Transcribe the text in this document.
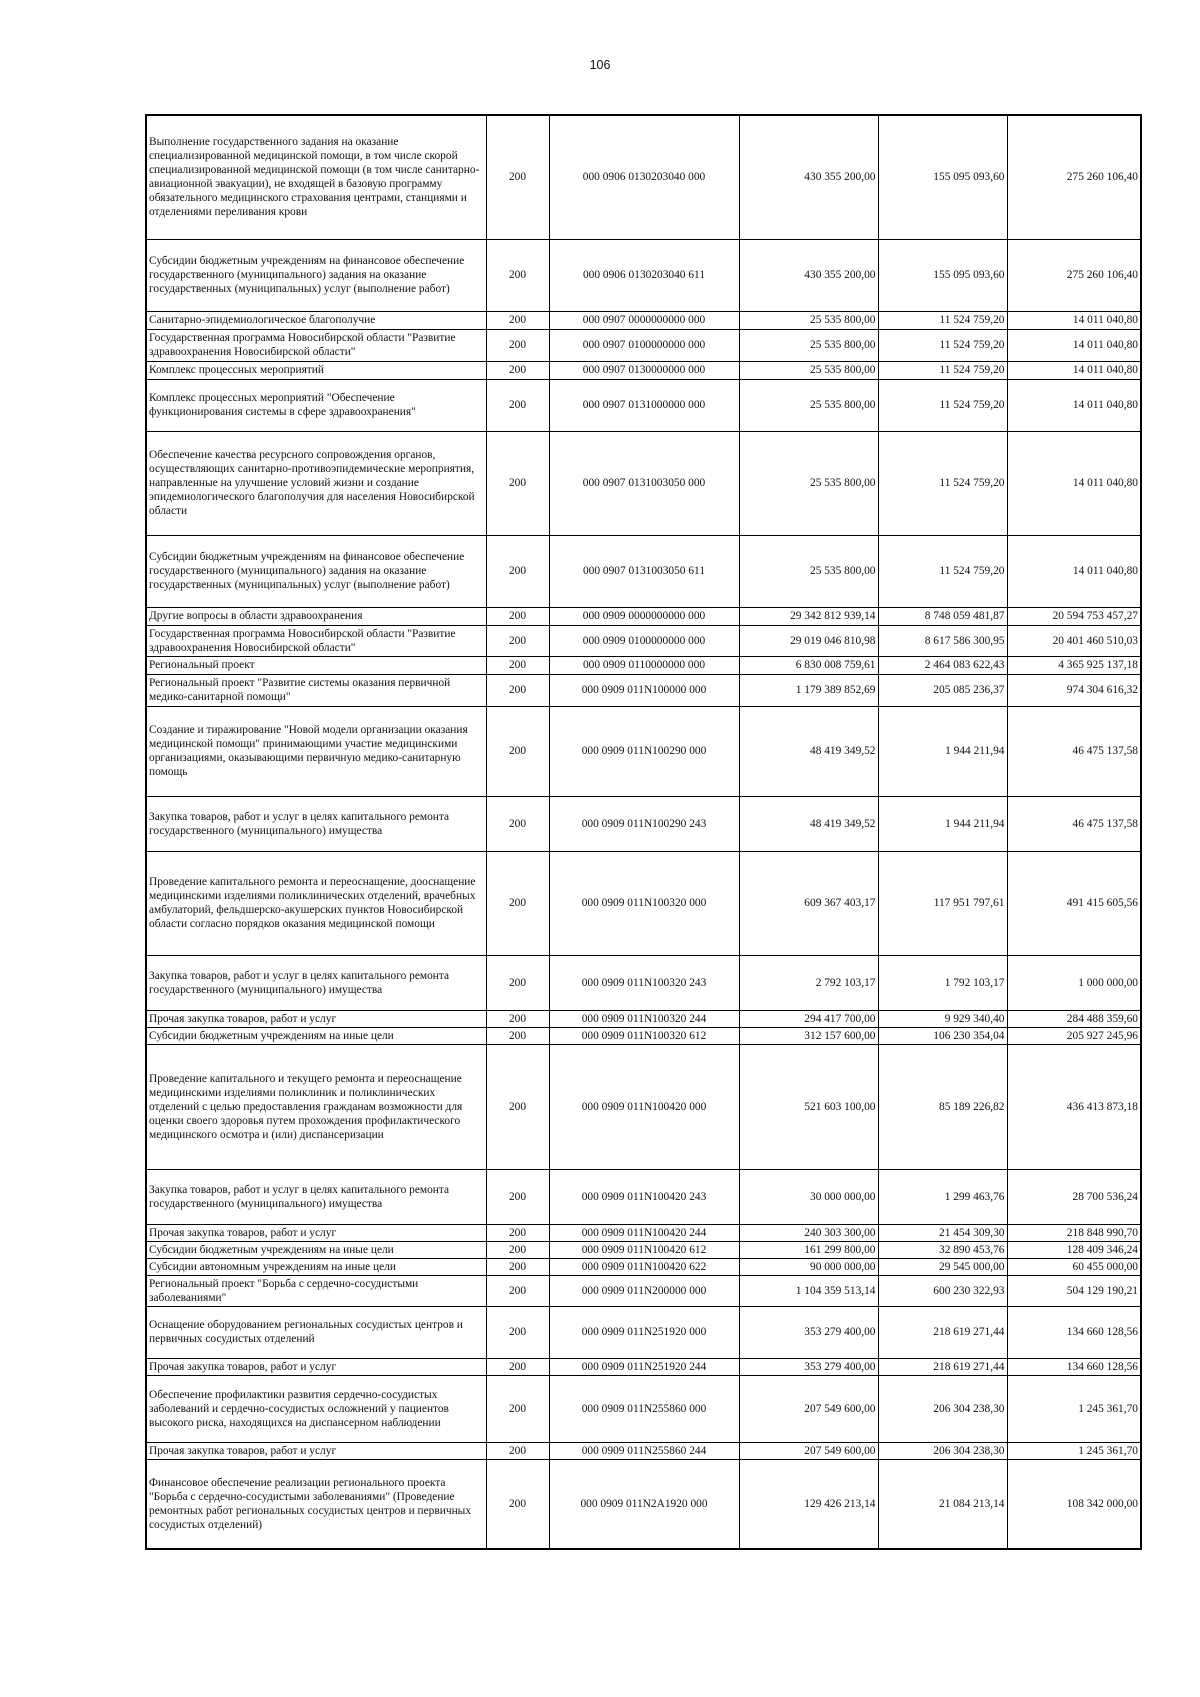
106
Выполнение государственного задания на оказание специализированной медицинской помощи, в том числе скорой специализированной медицинской помощи (в том числе санитарно-авиационной эвакуации), не входящей в базовую программу обязательного медицинского страхования центрами, станциями и отделениями переливания крови	200	000 0906 0130203040 000	430 355 200,00	155 095 093,60	275 260 106,40
Субсидии бюджетным учреждениям на финансовое обеспечение государственного (муниципального) задания на оказание государственных (муниципальных) услуг (выполнение работ)	200	000 0906 0130203040 611	430 355 200,00	155 095 093,60	275 260 106,40
Санитарно-эпидемиологическое благополучие	200	000 0907 0000000000 000	25 535 800,00	11 524 759,20	14 011 040,80
Государственная программа Новосибирской области "Развитие здравоохранения Новосибирской области"	200	000 0907 0100000000 000	25 535 800,00	11 524 759,20	14 011 040,80
Комплекс процессных мероприятий	200	000 0907 0130000000 000	25 535 800,00	11 524 759,20	14 011 040,80
Комплекс процессных мероприятий "Обеспечение функционирования системы в сфере здравоохранения"	200	000 0907 0131000000 000	25 535 800,00	11 524 759,20	14 011 040,80
Обеспечение качества ресурсного сопровождения органов, осуществляющих санитарно-противоэпидемические мероприятия, направленные на улучшение условий жизни и создание эпидемиологического благополучия для населения Новосибирской области	200	000 0907 0131003050 000	25 535 800,00	11 524 759,20	14 011 040,80
Субсидии бюджетным учреждениям на финансовое обеспечение государственного (муниципального) задания на оказание государственных (муниципальных) услуг (выполнение работ)	200	000 0907 0131003050 611	25 535 800,00	11 524 759,20	14 011 040,80
Другие вопросы в области здравоохранения	200	000 0909 0000000000 000	29 342 812 939,14	8 748 059 481,87	20 594 753 457,27
Государственная программа Новосибирской области "Развитие здравоохранения Новосибирской области"	200	000 0909 0100000000 000	29 019 046 810,98	8 617 586 300,95	20 401 460 510,03
Региональный проект	200	000 0909 0110000000 000	6 830 008 759,61	2 464 083 622,43	4 365 925 137,18
Региональный проект "Развитие системы оказания первичной медико-санитарной помощи"	200	000 0909 011N100000 000	1 179 389 852,69	205 085 236,37	974 304 616,32
Создание и тиражирование "Новой модели организации оказания медицинской помощи" принимающими участие медицинскими организациями, оказывающими первичную медико-санитарную помощь	200	000 0909 011N100290 000	48 419 349,52	1 944 211,94	46 475 137,58
Закупка товаров, работ и услуг в целях капитального ремонта государственного (муниципального) имущества	200	000 0909 011N100290 243	48 419 349,52	1 944 211,94	46 475 137,58
Проведение капитального ремонта и переоснащение, дооснащение медицинскими изделиями поликлинических отделений, врачебных амбулаторий, фельдшерско-акушерских пунктов Новосибирской области согласно порядков оказания медицинской помощи	200	000 0909 011N100320 000	609 367 403,17	117 951 797,61	491 415 605,56
Закупка товаров, работ и услуг в целях капитального ремонта государственного (муниципального) имущества	200	000 0909 011N100320 243	2 792 103,17	1 792 103,17	1 000 000,00
Прочая закупка товаров, работ и услуг	200	000 0909 011N100320 244	294 417 700,00	9 929 340,40	284 488 359,60
Субсидии бюджетным учреждениям на иные цели	200	000 0909 011N100320 612	312 157 600,00	106 230 354,04	205 927 245,96
Проведение капитального и текущего ремонта и переоснащение медицинскими изделиями поликлиник и поликлинических отделений с целью предоставления гражданам возможности для оценки своего здоровья путем прохождения профилактического медицинского осмотра и (или) диспансеризации	200	000 0909 011N100420 000	521 603 100,00	85 189 226,82	436 413 873,18
Закупка товаров, работ и услуг в целях капитального ремонта государственного (муниципального) имущества	200	000 0909 011N100420 243	30 000 000,00	1 299 463,76	28 700 536,24
Прочая закупка товаров, работ и услуг	200	000 0909 011N100420 244	240 303 300,00	21 454 309,30	218 848 990,70
Субсидии бюджетным учреждениям на иные цели	200	000 0909 011N100420 612	161 299 800,00	32 890 453,76	128 409 346,24
Субсидии автономным учреждениям на иные цели	200	000 0909 011N100420 622	90 000 000,00	29 545 000,00	60 455 000,00
Региональный проект "Борьба с сердечно-сосудистыми заболеваниями"	200	000 0909 011N200000 000	1 104 359 513,14	600 230 322,93	504 129 190,21
Оснащение оборудованием региональных сосудистых центров и первичных сосудистых отделений	200	000 0909 011N251920 000	353 279 400,00	218 619 271,44	134 660 128,56
Прочая закупка товаров, работ и услуг	200	000 0909 011N251920 244	353 279 400,00	218 619 271,44	134 660 128,56
Обеспечение профилактики развития сердечно-сосудистых заболеваний и сердечно-сосудистых осложнений у пациентов высокого риска, находящихся на диспансерном наблюдении	200	000 0909 011N255860 000	207 549 600,00	206 304 238,30	1 245 361,70
Прочая закупка товаров, работ и услуг	200	000 0909 011N255860 244	207 549 600,00	206 304 238,30	1 245 361,70
Финансовое обеспечение реализации регионального проекта "Борьба с сердечно-сосудистыми заболеваниями" (Проведение ремонтных работ региональных сосудистых центров и первичных сосудистых отделений)	200	000 0909 011N2A1920 000	129 426 213,14	21 084 213,14	108 342 000,00
